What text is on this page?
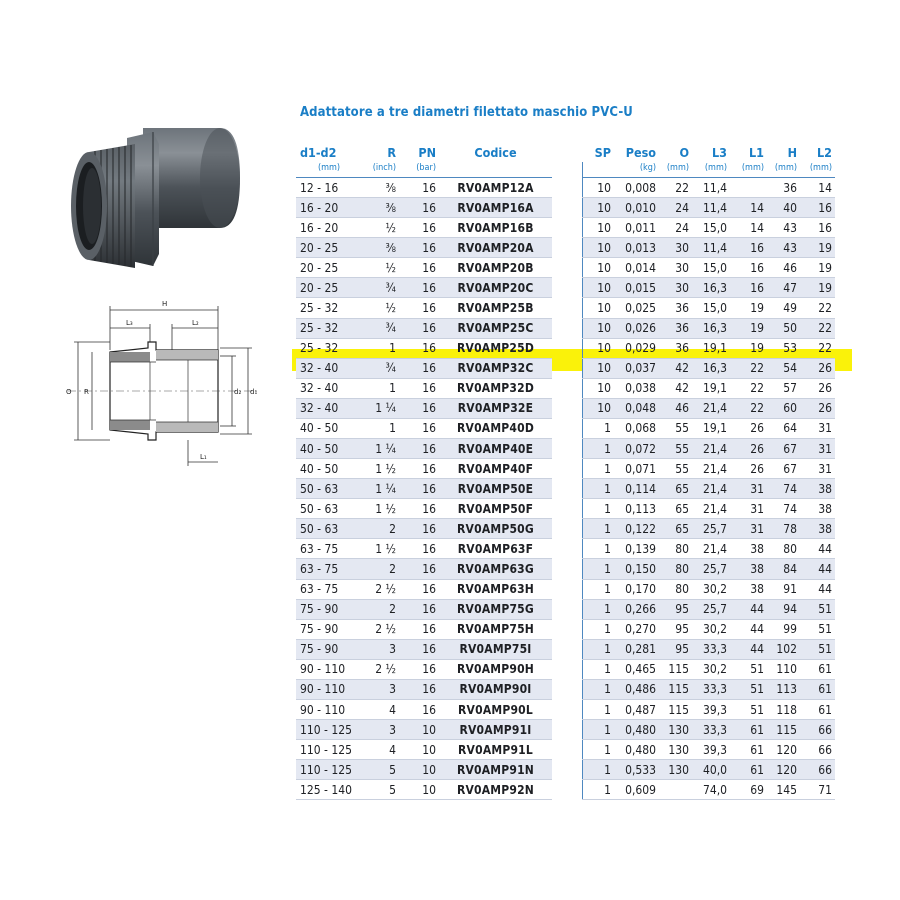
H
L₃	L₂
L₁
O R	d₂ d₁
Adattatore a tre diametri filettato maschio PVC-U
d1-d2	R	PN	Codice		SP	Peso	O	L3	L1	H	L2
(mm)	(inch)	(bar)				(kg)	(mm)	(mm)	(mm)	(mm)	(mm)
12 - 16	⅜	16	RV0AMP12A		10	0,008	22	11,4		36	14
16 - 20	⅜	16	RV0AMP16A		10	0,010	24	11,4	14	40	16
16 - 20	½	16	RV0AMP16B		10	0,011	24	15,0	14	43	16
20 - 25	⅜	16	RV0AMP20A		10	0,013	30	11,4	16	43	19
20 - 25	½	16	RV0AMP20B		10	0,014	30	15,0	16	46	19
20 - 25	¾	16	RV0AMP20C		10	0,015	30	16,3	16	47	19
25 - 32	½	16	RV0AMP25B		10	0,025	36	15,0	19	49	22
25 - 32	¾	16	RV0AMP25C		10	0,026	36	16,3	19	50	22
25 - 32	1	16	RV0AMP25D		10	0,029	36	19,1	19	53	22
32 - 40	¾	16	RV0AMP32C		10	0,037	42	16,3	22	54	26
32 - 40	1	16	RV0AMP32D		10	0,038	42	19,1	22	57	26
32 - 40	1 ¼	16	RV0AMP32E		10	0,048	46	21,4	22	60	26
40 - 50	1	16	RV0AMP40D		1	0,068	55	19,1	26	64	31
40 - 50	1 ¼	16	RV0AMP40E		1	0,072	55	21,4	26	67	31
40 - 50	1 ½	16	RV0AMP40F		1	0,071	55	21,4	26	67	31
50 - 63	1 ¼	16	RV0AMP50E		1	0,114	65	21,4	31	74	38
50 - 63	1 ½	16	RV0AMP50F		1	0,113	65	21,4	31	74	38
50 - 63	2	16	RV0AMP50G		1	0,122	65	25,7	31	78	38
63 - 75	1 ½	16	RV0AMP63F		1	0,139	80	21,4	38	80	44
63 - 75	2	16	RV0AMP63G		1	0,150	80	25,7	38	84	44
63 - 75	2 ½	16	RV0AMP63H		1	0,170	80	30,2	38	91	44
75 - 90	2	16	RV0AMP75G		1	0,266	95	25,7	44	94	51
75 - 90	2 ½	16	RV0AMP75H		1	0,270	95	30,2	44	99	51
75 - 90	3	16	RV0AMP75I		1	0,281	95	33,3	44	102	51
90 - 110	2 ½	16	RV0AMP90H		1	0,465	115	30,2	51	110	61
90 - 110	3	16	RV0AMP90I		1	0,486	115	33,3	51	113	61
90 - 110	4	16	RV0AMP90L		1	0,487	115	39,3	51	118	61
110 - 125	3	10	RV0AMP91I		1	0,480	130	33,3	61	115	66
110 - 125	4	10	RV0AMP91L		1	0,480	130	39,3	61	120	66
110 - 125	5	10	RV0AMP91N		1	0,533	130	40,0	61	120	66
125 - 140	5	10	RV0AMP92N		1	0,609		74,0	69	145	71
